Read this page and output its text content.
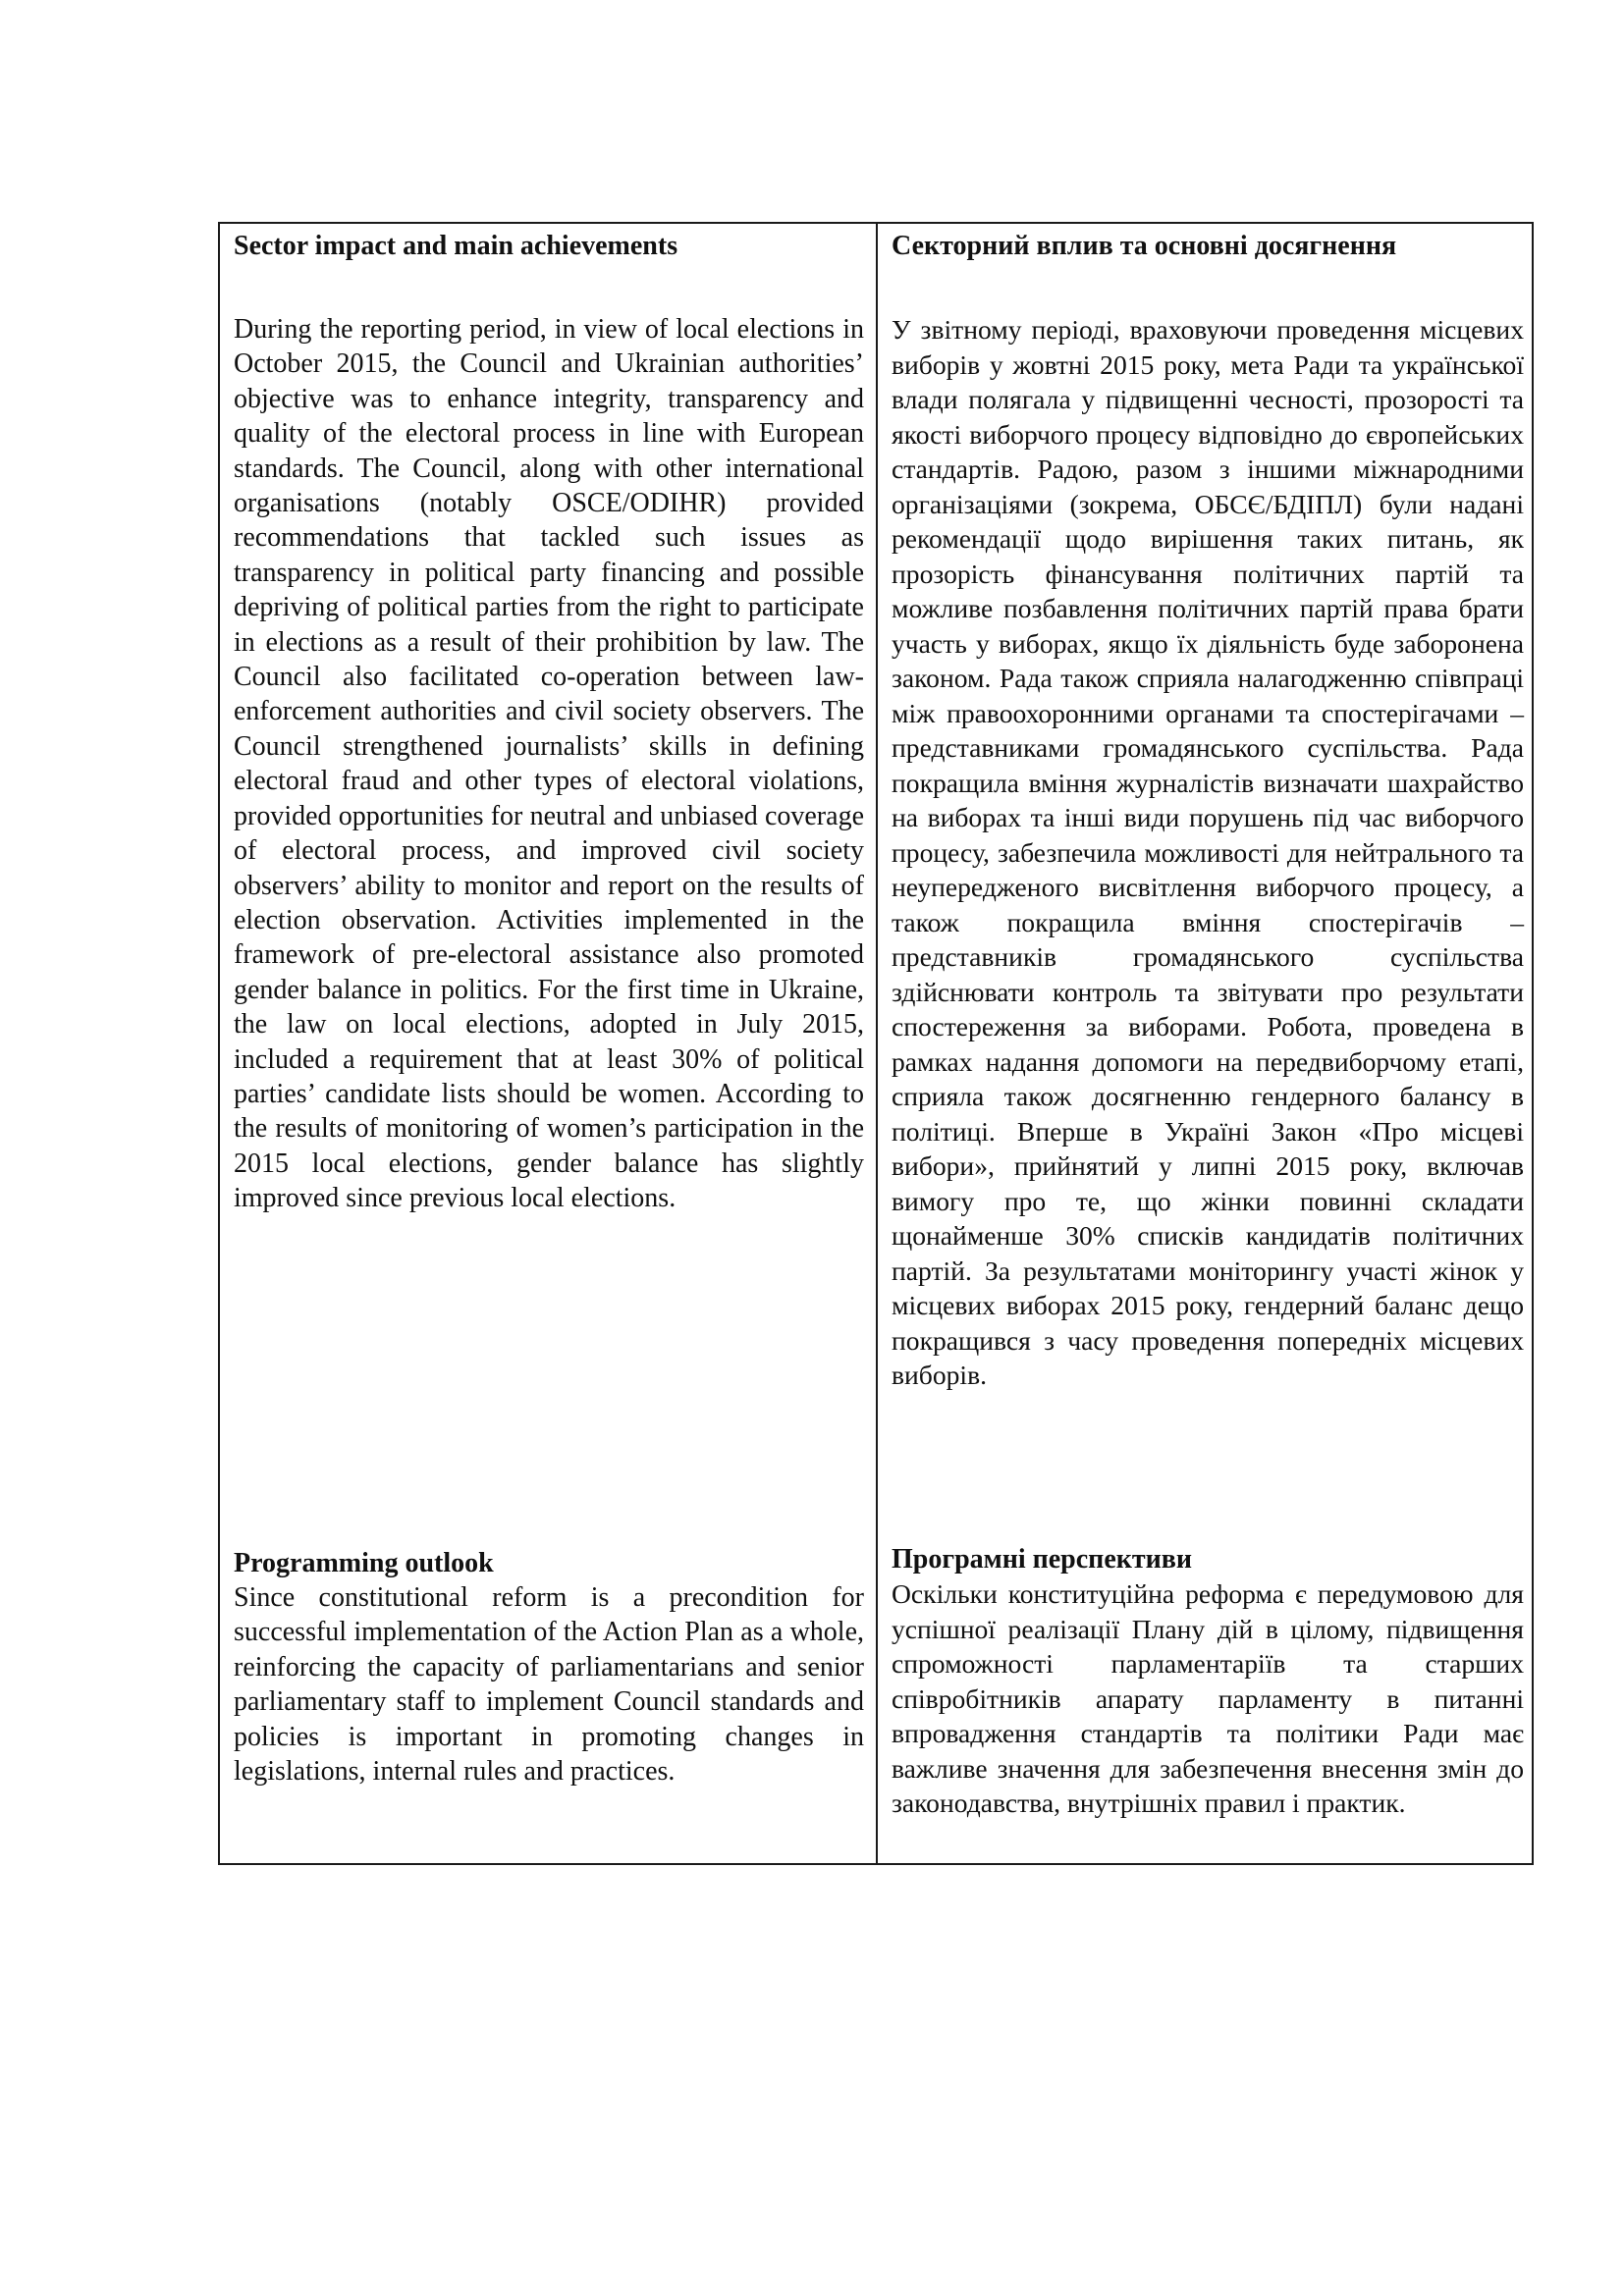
Sector impact and main achievements
During the reporting period, in view of local elections in October 2015, the Council and Ukrainian authorities’ objective was to enhance integrity, transparency and quality of the electoral process in line with European standards. The Council, along with other international organisations (notably OSCE/ODIHR) provided recommendations that tackled such issues as transparency in political party financing and possible depriving of political parties from the right to participate in elections as a result of their prohibition by law. The Council also facilitated co-operation between law-enforcement authorities and civil society observers. The Council strengthened journalists’ skills in defining electoral fraud and other types of electoral violations, provided opportunities for neutral and unbiased coverage of electoral process, and improved civil society observers’ ability to monitor and report on the results of election observation. Activities implemented in the framework of pre-electoral assistance also promoted gender balance in politics. For the first time in Ukraine, the law on local elections, adopted in July 2015, included a requirement that at least 30% of political parties’ candidate lists should be women. According to the results of monitoring of women’s participation in the 2015 local elections, gender balance has slightly improved since previous local elections.
Programming outlook
Since constitutional reform is a precondition for successful implementation of the Action Plan as a whole, reinforcing the capacity of parliamentarians and senior parliamentary staff to implement Council standards and policies is important in promoting changes in legislations, internal rules and practices.
Секторний вплив та основні досягнення
У звітному періоді, враховуючи проведення місцевих виборів у жовтні 2015 року, мета Ради та української влади полягала у підвищенні чесності, прозорості та якості виборчого процесу відповідно до європейських стандартів. Радою, разом з іншими міжнародними організаціями (зокрема, ОБСЄ/БДІПЛ) були надані рекомендації щодо вирішення таких питань, як прозорість фінансування політичних партій та можливе позбавлення політичних партій права брати участь у виборах, якщо їх діяльність буде заборонена законом. Рада також сприяла налагодженню співпраці між правоохоронними органами та спостерігачами – представниками громадянського суспільства. Рада покращила вміння журналістів визначати шахрайство на виборах та інші види порушень під час виборчого процесу, забезпечила можливості для нейтрального та неупередженого висвітлення виборчого процесу, а також покращила вміння спостерігачів – представників громадянського суспільства здійснювати контроль та звітувати про результати спостереження за виборами. Робота, проведена в рамках надання допомоги на передвиборчому етапі, сприяла також досягненню гендерного балансу в політиці. Вперше в Україні Закон «Про місцеві вибори», прийнятий у липні 2015 року, включав вимогу про те, що жінки повинні складати щонайменше 30% списків кандидатів політичних партій. За результатами моніторингу участі жінок у місцевих виборах 2015 року, гендерний баланс дещо покращився з часу проведення попередніх місцевих виборів.
Програмні перспективи
Оскільки конституційна реформа є передумовою для успішної реалізації Плану дій в цілому, підвищення спроможності парламентаріїв та старших співробітників апарату парламенту в питанні впровадження стандартів та політики Ради має важливе значення для забезпечення внесення змін до законодавства, внутрішніх правил і практик.
